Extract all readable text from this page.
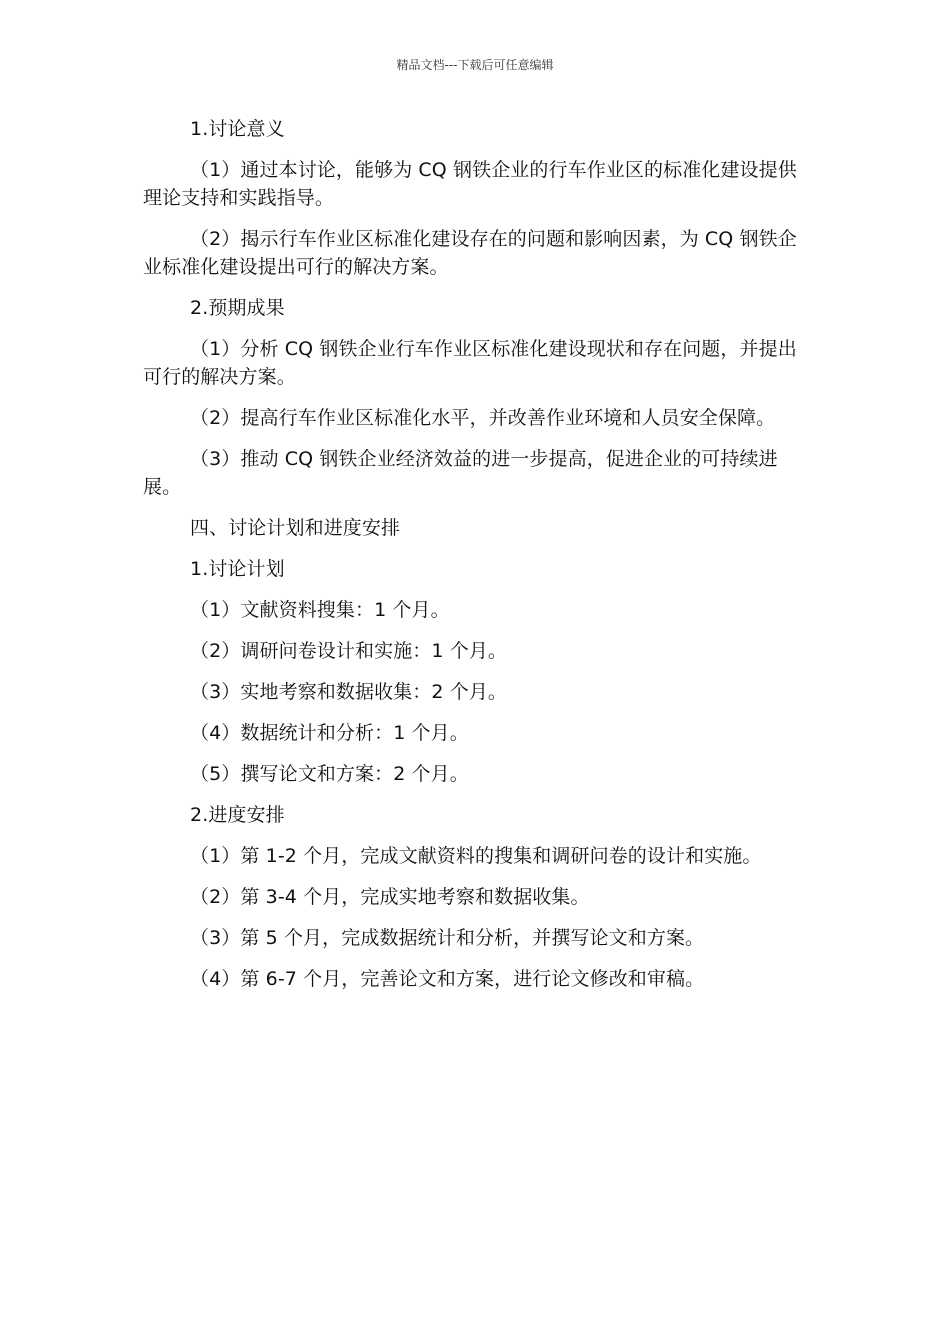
精品文档---下载后可任意编辑

1.讨论意义

（1）通过本讨论，能够为 CQ 钢铁企业的行车作业区的标准化建设提供理论支持和实践指导。

（2）揭示行车作业区标准化建设存在的问题和影响因素，为 CQ 钢铁企业标准化建设提出可行的解决方案。

2.预期成果

（1）分析 CQ 钢铁企业行车作业区标准化建设现状和存在问题，并提出可行的解决方案。

（2）提高行车作业区标准化水平，并改善作业环境和人员安全保障。

（3）推动 CQ 钢铁企业经济效益的进一步提高，促进企业的可持续进展。

四、讨论计划和进度安排

1.讨论计划

（1）文献资料搜集：1 个月。

（2）调研问卷设计和实施：1 个月。

（3）实地考察和数据收集：2 个月。

（4）数据统计和分析：1 个月。

（5）撰写论文和方案：2 个月。

2.进度安排

（1）第 1-2 个月，完成文献资料的搜集和调研问卷的设计和实施。

（2）第 3-4 个月，完成实地考察和数据收集。

（3）第 5 个月，完成数据统计和分析，并撰写论文和方案。

（4）第 6-7 个月，完善论文和方案，进行论文修改和审稿。
